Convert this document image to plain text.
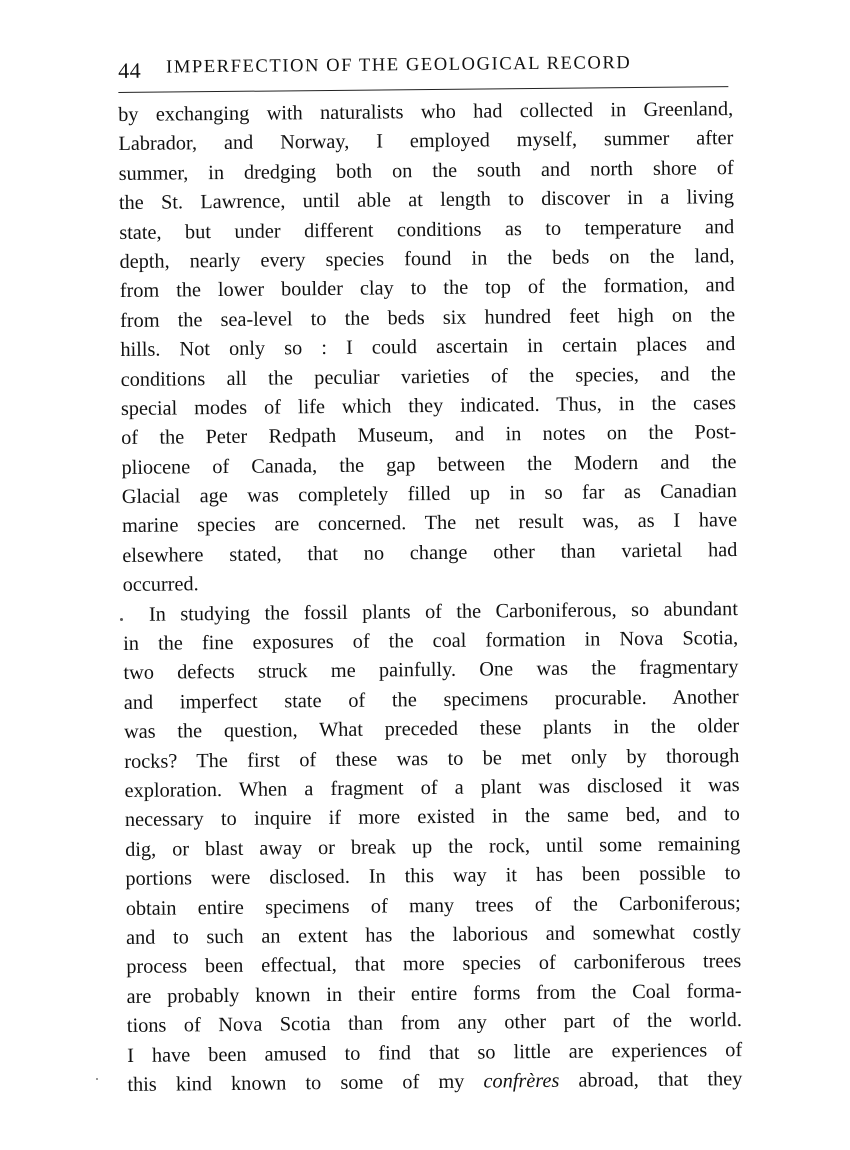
44 IMPERFECTION OF THE GEOLOGICAL RECORD
by exchanging with naturalists who had collected in Greenland,
Labrador, and Norway, I employed myself, summer after
summer, in dredging both on the south and north shore of
the St. Lawrence, until able at length to discover in a living
state, but under different conditions as to temperature and
depth, nearly every species found in the beds on the land,
from the lower boulder clay to the top of the formation, and
from the sea-level to the beds six hundred feet high on the
hills. Not only so : I could ascertain in certain places and
conditions all the peculiar varieties of the species, and the
special modes of life which they indicated. Thus, in the cases
of the Peter Redpath Museum, and in notes on the Post-
pliocene of Canada, the gap between the Modern and the
Glacial age was completely filled up in so far as Canadian
marine species are concerned. The net result was, as I have
elsewhere stated, that no change other than varietal had
occurred.
In studying the fossil plants of the Carboniferous, so abundant
in the fine exposures of the coal formation in Nova Scotia,
two defects struck me painfully. One was the fragmentary
and imperfect state of the specimens procurable. Another
was the question, What preceded these plants in the older
rocks? The first of these was to be met only by thorough
exploration. When a fragment of a plant was disclosed it was
necessary to inquire if more existed in the same bed, and to
dig, or blast away or break up the rock, until some remaining
portions were disclosed. In this way it has been possible to
obtain entire specimens of many trees of the Carboniferous;
and to such an extent has the laborious and somewhat costly
process been effectual, that more species of carboniferous trees
are probably known in their entire forms from the Coal forma-
tions of Nova Scotia than from any other part of the world.
I have been amused to find that so little are experiences of
this kind known to some of my confrères abroad, that they
